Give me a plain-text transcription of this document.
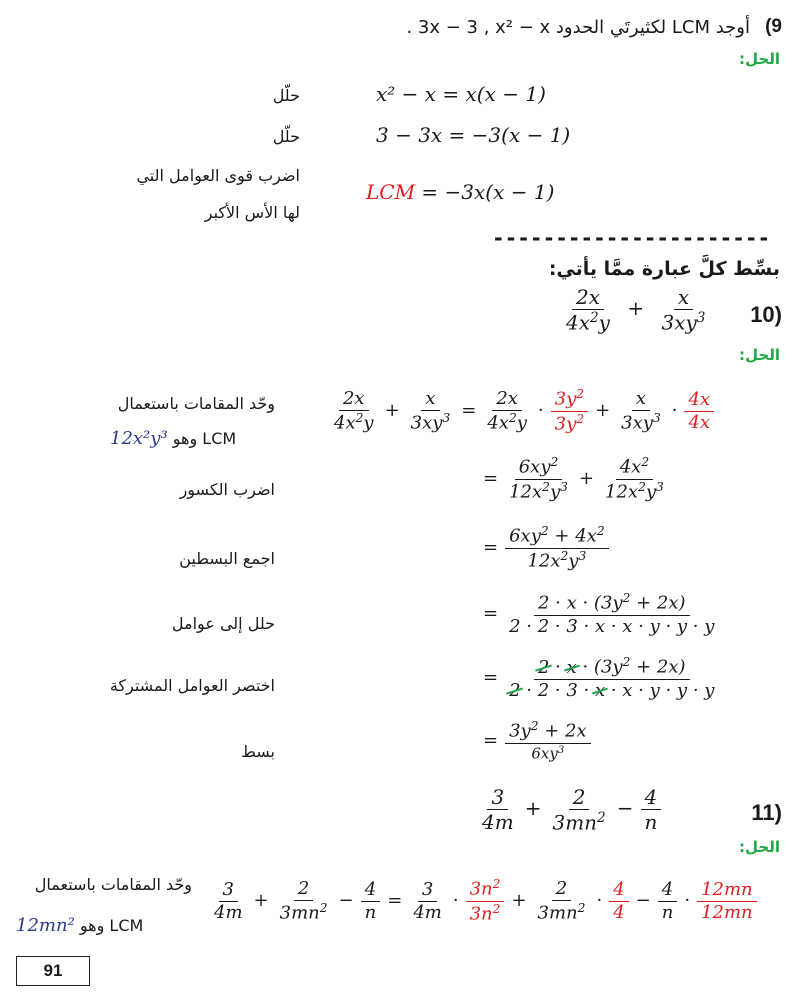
9)
أوجد LCM لكثيرتَي الحدود 3x − 3 , x² − x .
الحل:
حلّل	x² − x = x(x − 1)
حلّل	3 − 3x = −3(x − 1)
اضرب قوى العوامل التي
لها الأس الأكبر
LCM = −3x(x − 1)
----------------------
بسِّط كلَّ عبارة ممَّا يأتي:
(10
$\frac{2x}{4x^2y} + \frac{x}{3xy^3}$
الحل:
وحّد المقامات باستعمال
12x²y³ وهو LCM
اضرب الكسور
اجمع البسطين
حلل إلى عوامل
اختصر العوامل المشتركة
بسط
$\frac{2x}{4x^2y} + \frac{x}{3xy^3} = \frac{2x}{4x^2y} \cdot \frac{3y^2}{3y^2} + \frac{x}{3xy^3} \cdot \frac{4x}{4x}$
= $\frac{6xy^2}{12x^2y^3} + \frac{4x^2}{12x^2y^3}$
= $\frac{6xy^2 + 4x^2}{12x^2y^3}$
= $\frac{2 \cdot x \cdot (3y^2 + 2x)}{2 \cdot 2 \cdot 3 \cdot x \cdot x \cdot y \cdot y \cdot y}$
= $\frac{2 \cdot x \cdot (3y^2 + 2x)}{2 \cdot 2 \cdot 3 \cdot x \cdot x \cdot y \cdot y \cdot y}$
= $\frac{3y^2 + 2x}{6xy^3}$
(11
$\frac{3}{4m} + \frac{2}{3mn^2} - \frac{4}{n}$
الحل:
وحّد المقامات باستعمال
12mn² وهو LCM
$\frac{3}{4m} + \frac{2}{3mn^2} - \frac{4}{n} = \frac{3}{4m} \cdot \frac{3n^2}{3n^2} + \frac{2}{3mn^2} \cdot \frac{4}{4} - \frac{4}{n} \cdot \frac{12mn}{12mn}$
91
